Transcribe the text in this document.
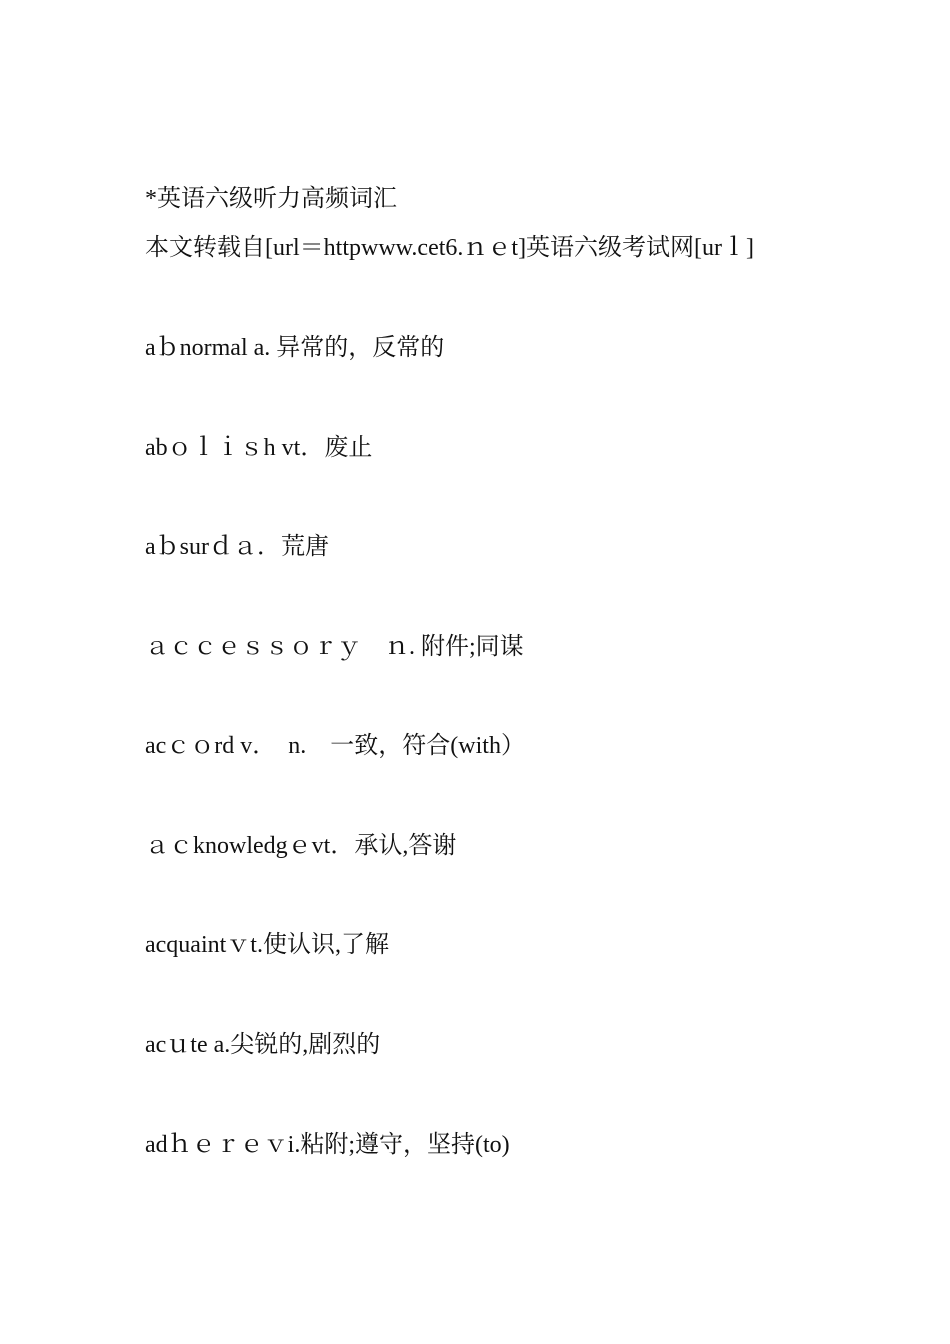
*英语六级听力高频词汇
本文转载自[url＝httpwww.cet6.ｎｅt]英语六级考试网[urｌ]
aｂnormal a. 异常的，反常的
abｏｌｉｓh vt．废止
aｂsurｄａ．荒唐
ａｃｃｅｓｓｏｒｙ　ｎ. 附件;同谋
acｃｏrd v．  n.　一致，符合(with）
ａｃknowledgｅvt．承认,答谢
acquaintｖt.使认识,了解
acｕte a.尖锐的,剧烈的
adｈｅｒｅｖi.粘附;遵守，坚持(to)
